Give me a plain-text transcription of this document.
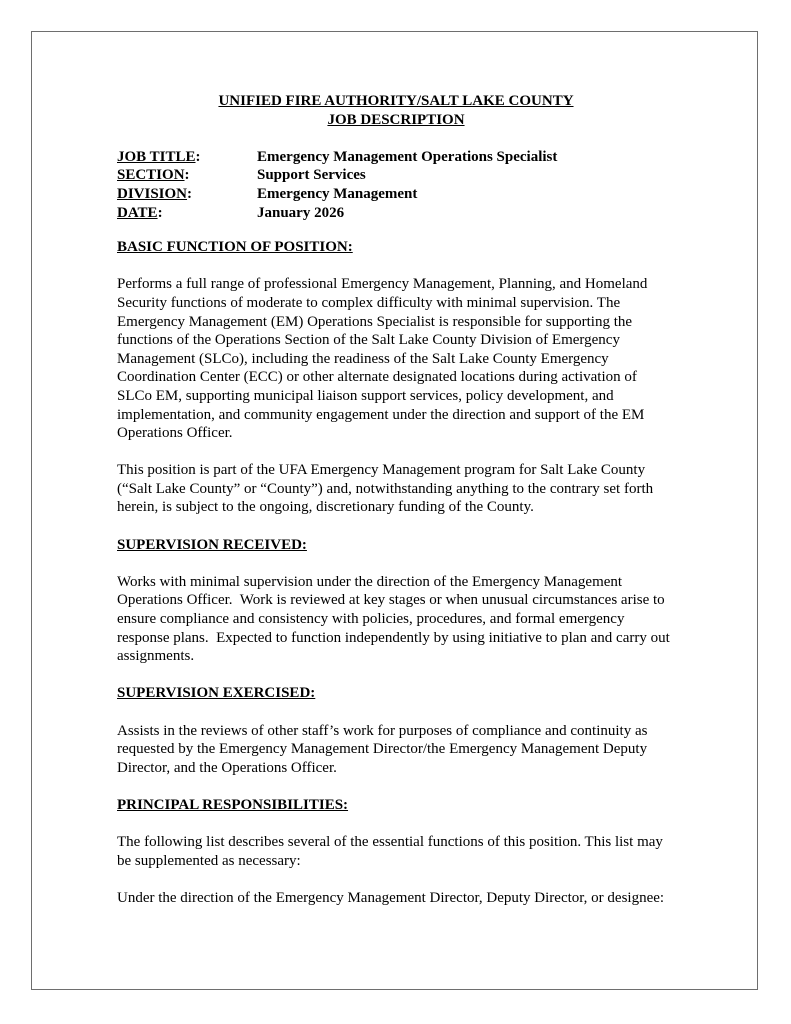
UNIFIED FIRE AUTHORITY/SALT LAKE COUNTY
JOB DESCRIPTION
JOB TITLE:	Emergency Management Operations Specialist
SECTION:	Support Services
DIVISION:	Emergency Management
DATE:	January 2026
BASIC FUNCTION OF POSITION:

Performs a full range of professional Emergency Management, Planning, and Homeland Security functions of moderate to complex difficulty with minimal supervision. The Emergency Management (EM) Operations Specialist is responsible for supporting the functions of the Operations Section of the Salt Lake County Division of Emergency Management (SLCo), including the readiness of the Salt Lake County Emergency Coordination Center (ECC) or other alternate designated locations during activation of SLCo EM, supporting municipal liaison support services, policy development, and implementation, and community engagement under the direction and support of the EM Operations Officer.

This position is part of the UFA Emergency Management program for Salt Lake County (“Salt Lake County” or “County”) and, notwithstanding anything to the contrary set forth herein, is subject to the ongoing, discretionary funding of the County.

SUPERVISION RECEIVED:

Works with minimal supervision under the direction of the Emergency Management Operations Officer.  Work is reviewed at key stages or when unusual circumstances arise to ensure compliance and consistency with policies, procedures, and formal emergency response plans.  Expected to function independently by using initiative to plan and carry out assignments.

SUPERVISION EXERCISED:

Assists in the reviews of other staff’s work for purposes of compliance and continuity as requested by the Emergency Management Director/the Emergency Management Deputy Director, and the Operations Officer.

PRINCIPAL RESPONSIBILITIES:

The following list describes several of the essential functions of this position. This list may be supplemented as necessary:

Under the direction of the Emergency Management Director, Deputy Director, or designee:
